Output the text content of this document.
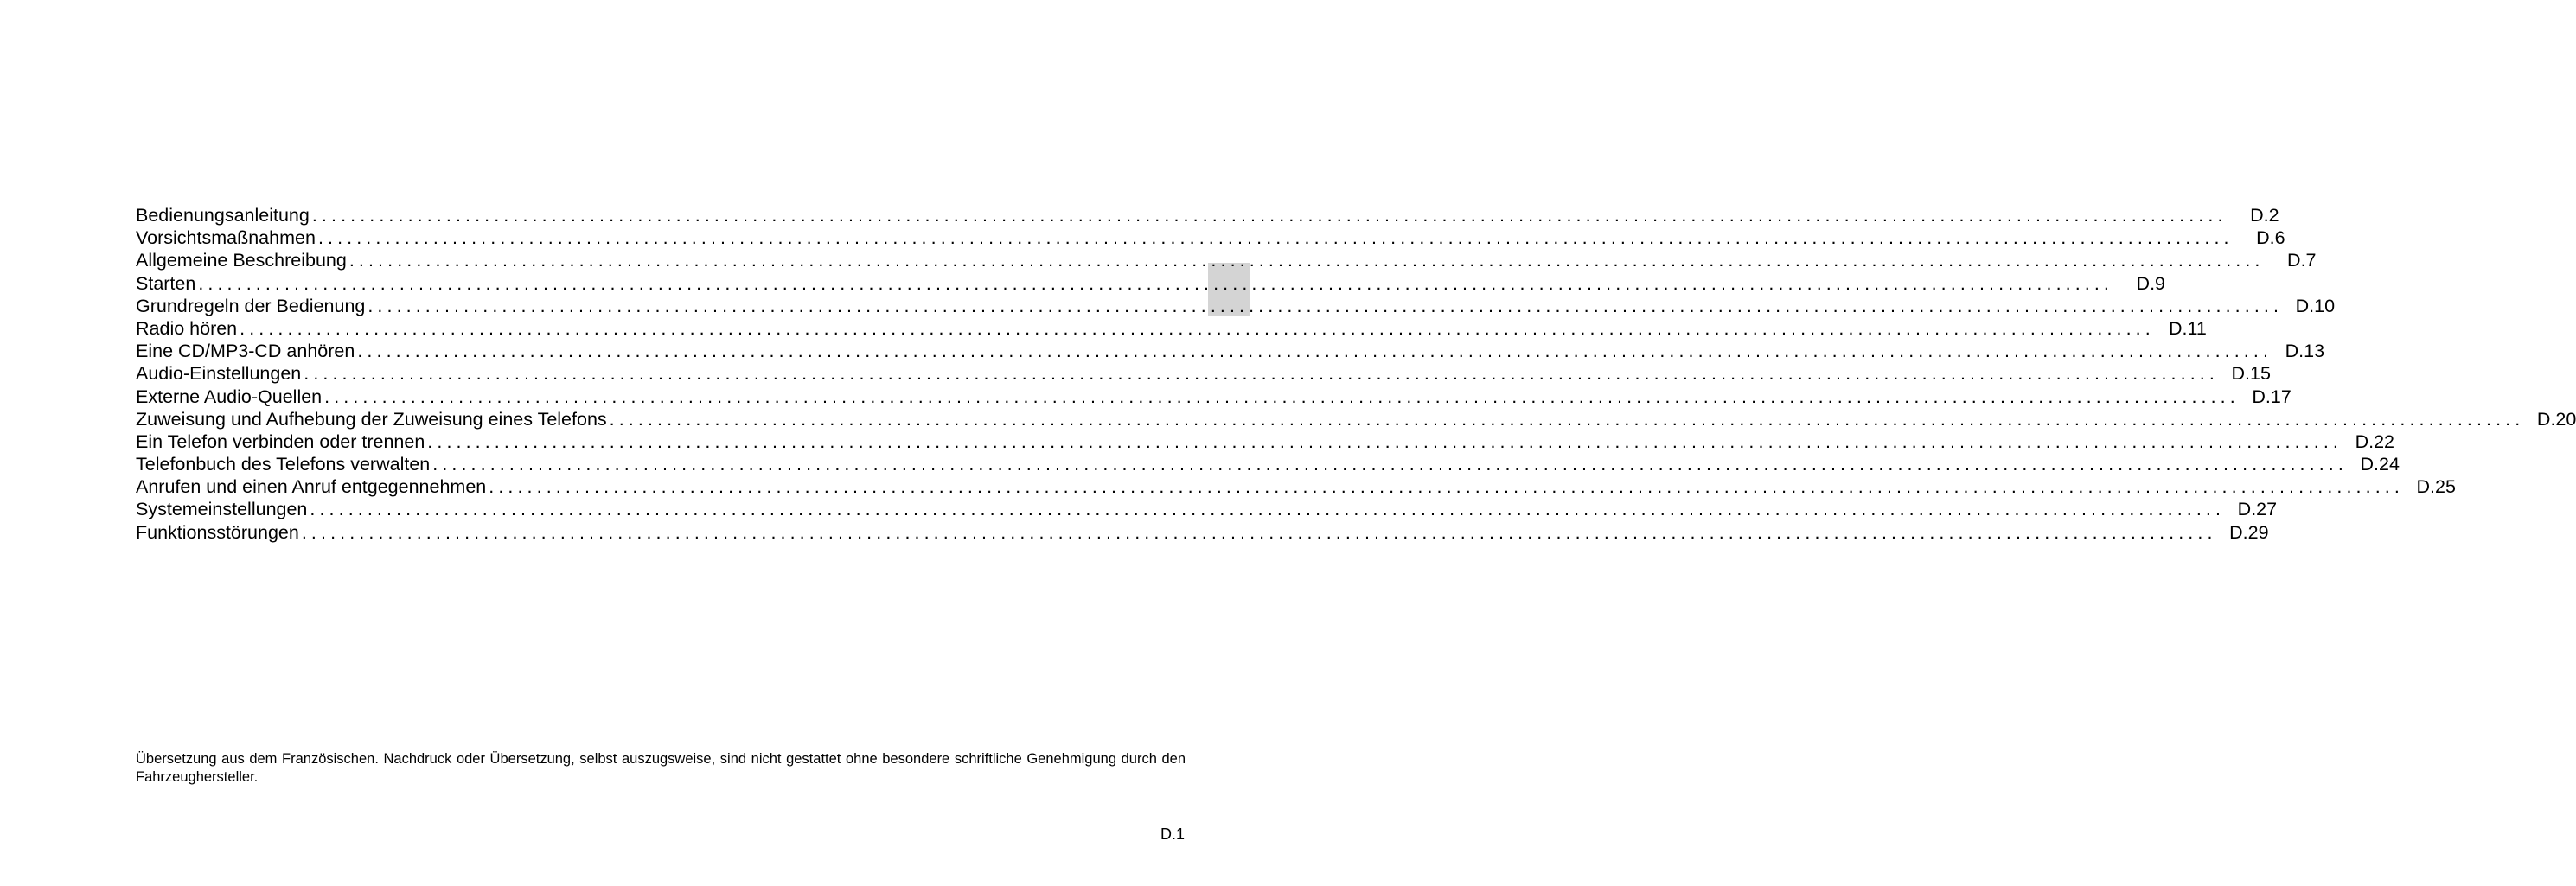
Bedienungsanleitung ........................................................................................................................................................................................................	D.2
Vorsichtsmaßnahmen ........................................................................................................................................................................................................	D.6
Allgemeine Beschreibung ........................................................................................................................................................................................................	D.7
Starten ........................................................................................................................................................................................................	D.9
Grundregeln der Bedienung ........................................................................................................................................................................................................ D.10
Radio hören ........................................................................................................................................................................................................ D.11
Eine CD/MP3-CD anhören ........................................................................................................................................................................................................ D.13
Audio-Einstellungen ........................................................................................................................................................................................................ D.15
Externe Audio-Quellen ........................................................................................................................................................................................................ D.17
Zuweisung und Aufhebung der Zuweisung eines Telefons ........................................................................................................................................................................................................ D.20
Ein Telefon verbinden oder trennen ........................................................................................................................................................................................................ D.22
Telefonbuch des Telefons verwalten ........................................................................................................................................................................................................ D.24
Anrufen und einen Anruf entgegennehmen ........................................................................................................................................................................................................ D.25
Systemeinstellungen ........................................................................................................................................................................................................ D.27
Funktionsstörungen ........................................................................................................................................................................................................ D.29
Übersetzung aus dem Französischen. Nachdruck oder Übersetzung, selbst auszugsweise, sind nicht gestattet ohne besondere schriftliche Genehmigung durch den Fahrzeughersteller.
D.1
